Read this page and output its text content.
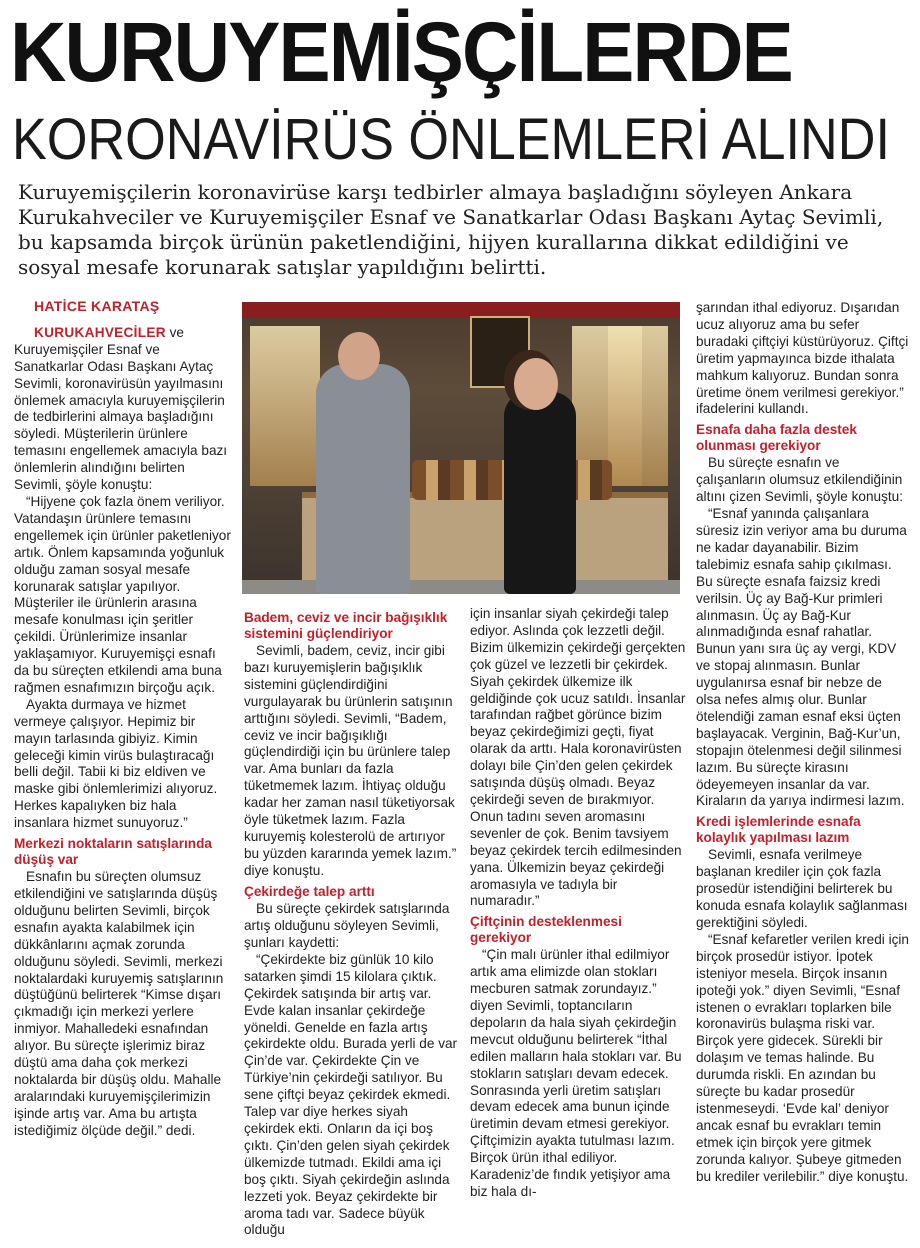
KURUYEMİŞÇİLERDE
KORONAVİRÜS ÖNLEMLERİ ALINDI
Kuruyemişçilerin koronavirüse karşı tedbirler almaya başladığını söyleyen Ankara Kurukahveciler ve Kuruyemişçiler Esnaf ve Sanatkarlar Odası Başkanı Aytaç Sevimli, bu kapsamda birçok ürünün paketlendiğini, hijyen kurallarına dikkat edildiğini ve sosyal mesafe korunarak satışlar yapıldığını belirtti.
HATİCE KARATAŞ

KURUKAHVECİLER ve Kuruyemişçiler Esnaf ve Sanatkarlar Odası Başkanı Aytaç Sevimli, koronavirüsün yayılmasını önlemek amacıyla kuruyemişçilerin de tedbirlerini almaya başladığını söyledi. Müşterilerin ürünlere temasını engellemek amacıyla bazı önlemlerin alındığını belirten Sevimli, şöyle konuştu:

“Hijyene çok fazla önem veriliyor. Vatandaşın ürünlere temasını engellemek için ürünler paketleniyor artık. Önlem kapsamında yoğunluk olduğu zaman sosyal mesafe korunarak satışlar yapılıyor. Müşteriler ile ürünlerin arasına mesafe konulması için şeritler çekildi. Ürünlerimize insanlar yaklaşamıyor. Kuruyemişçi esnafı da bu süreçten etkilendi ama buna rağmen esnafımızın birçoğu açık.

Ayakta durmaya ve hizmet vermeye çalışıyor. Hepimiz bir mayın tarlasında gibiyiz. Kimin geleceği kimin virüs bulaştıracağı belli değil. Tabii ki biz eldiven ve maske gibi önlemlerimizi alıyoruz. Herkes kapalıyken biz hala insanlara hizmet sunuyoruz.”

Merkezi noktaların satışlarında düşüş var

Esnafın bu süreçten olumsuz etkilendiğini ve satışlarında düşüş olduğunu belirten Sevimli, birçok esnafın ayakta kalabilmek için dükkânlarını açmak zorunda olduğunu söyledi. Sevimli, merkezi noktalardaki kuruyemiş satışlarının düştüğünü belirterek “Kimse dışarı çıkmadığı için merkezi yerlere inmiyor. Mahalledeki esnafından alıyor. Bu süreçte işlerimiz biraz düştü ama daha çok merkezi noktalarda bir düşüş oldu. Mahalle aralarındaki kuruyemişçilerimizin işinde artış var. Ama bu artışta istediğimiz ölçüde değil.” dedi.

Badem, ceviz ve incir bağışıklık sistemini güçlendiriyor

Sevimli, badem, ceviz, incir gibi bazı kuruyemişlerin bağışıklık sistemini güçlendirdiğini vurgulayarak bu ürünlerin satışının arttığını söyledi. Sevimli, “Badem, ceviz ve incir bağışıklığı güçlendirdiği için bu ürünlere talep var. Ama bunları da fazla tüketmemek lazım. İhtiyaç olduğu kadar her zaman nasıl tüketiyorsak öyle tüketmek lazım. Fazla kuruyemiş kolesterolü de artırıyor bu yüzden kararında yemek lazım.” diye konuştu.

Çekirdeğe talep arttı

Bu süreçte çekirdek satışlarında artış olduğunu söyleyen Sevimli, şunları kaydetti:

“Çekirdekte biz günlük 10 kilo satarken şimdi 15 kilolara çıktık. Çekirdek satışında bir artış var. Evde kalan insanlar çekirdeğe yöneldi. Genelde en fazla artış çekirdekte oldu. Burada yerli de var Çin’de var. Çekirdekte Çin ve Türkiye’nin çekirdeği satılıyor. Bu sene çiftçi beyaz çekirdek ekmedi. Talep var diye herkes siyah çekirdek ekti. Onların da içi boş çıktı. Çin’den gelen siyah çekirdek ülkemizde tutmadı. Ekildi ama içi boş çıktı. Siyah çekirdeğin aslında lezzeti yok. Beyaz çekirdekte bir aroma tadı var. Sadece büyük olduğu

için insanlar siyah çekirdeği talep ediyor. Aslında çok lezzetli değil. Bizim ülkemizin çekirdeği gerçekten çok güzel ve lezzetli bir çekirdek. Siyah çekirdek ülkemize ilk geldiğinde çok ucuz satıldı. İnsanlar tarafından rağbet görünce bizim beyaz çekirdeğimizi geçti, fiyat olarak da arttı. Hala koronavirüsten dolayı bile Çin’den gelen çekirdek satışında düşüş olmadı. Beyaz çekirdeği seven de bırakmıyor. Onun tadını seven aromasını sevenler de çok. Benim tavsiyem beyaz çekirdek tercih edilmesinden yana. Ülkemizin beyaz çekirdeği aromasıyla ve tadıyla bir numaradır.”

Çiftçinin desteklenmesi gerekiyor

“Çin malı ürünler ithal edilmiyor artık ama elimizde olan stokları mecburen satmak zorundayız.” diyen Sevimli, toptancıların depoların da hala siyah çekirdeğin mevcut olduğunu belirterek “İthal edilen malların hala stokları var. Bu stokların satışları devam edecek. Sonrasında yerli üretim satışları devam edecek ama bunun içinde üretimin devam etmesi gerekiyor. Çiftçimizin ayakta tutulması lazım. Birçok ürün ithal ediliyor. Karadeniz’de fındık yetişiyor ama biz hala dı-

şarından ithal ediyoruz. Dışarıdan ucuz alıyoruz ama bu sefer buradaki çiftçiyi küstürüyoruz. Çiftçi üretim yapmayınca bizde ithalata mahkum kalıyoruz. Bundan sonra üretime önem verilmesi gerekiyor.” ifadelerini kullandı.

Esnafa daha fazla destek olunması gerekiyor

Bu süreçte esnafın ve çalışanların olumsuz etkilendiğinin altını çizen Sevimli, şöyle konuştu:

“Esnaf yanında çalışanlara süresiz izin veriyor ama bu duruma ne kadar dayanabilir. Bizim talebimiz esnafa sahip çıkılması. Bu süreçte esnafa faizsiz kredi verilsin. Üç ay Bağ-Kur primleri alınmasın. Üç ay Bağ-Kur alınmadığında esnaf rahatlar. Bunun yanı sıra üç ay vergi, KDV ve stopaj alınmasın. Bunlar uygulanırsa esnaf bir nebze de olsa nefes almış olur. Bunlar ötelendiği zaman esnaf eksi üçten başlayacak. Verginin, Bağ-Kur’un, stopajın ötelenmesi değil silinmesi lazım. Bu süreçte kirasını ödeyemeyen insanlar da var. Kiraların da yarıya indirmesi lazım.

Kredi işlemlerinde esnafa kolaylık yapılması lazım

Sevimli, esnafa verilmeye başlanan krediler için çok fazla prosedür istendiğini belirterek bu konuda esnafa kolaylık sağlanması gerektiğini söyledi.

“Esnaf kefaretler verilen kredi için birçok prosedür istiyor. İpotek isteniyor mesela. Birçok insanın ipoteği yok.” diyen Sevimli, “Esnaf istenen o evrakları toplarken bile koronavirüs bulaşma riski var. Birçok yere gidecek. Sürekli bir dolaşım ve temas halinde. Bu durumda riskli. En azından bu süreçte bu kadar prosedür istenmeseydi. ‘Evde kal’ deniyor ancak esnaf bu evrakları temin etmek için birçok yere gitmek zorunda kalıyor. Şubeye gitmeden bu krediler verilebilir.” diye konuştu.
